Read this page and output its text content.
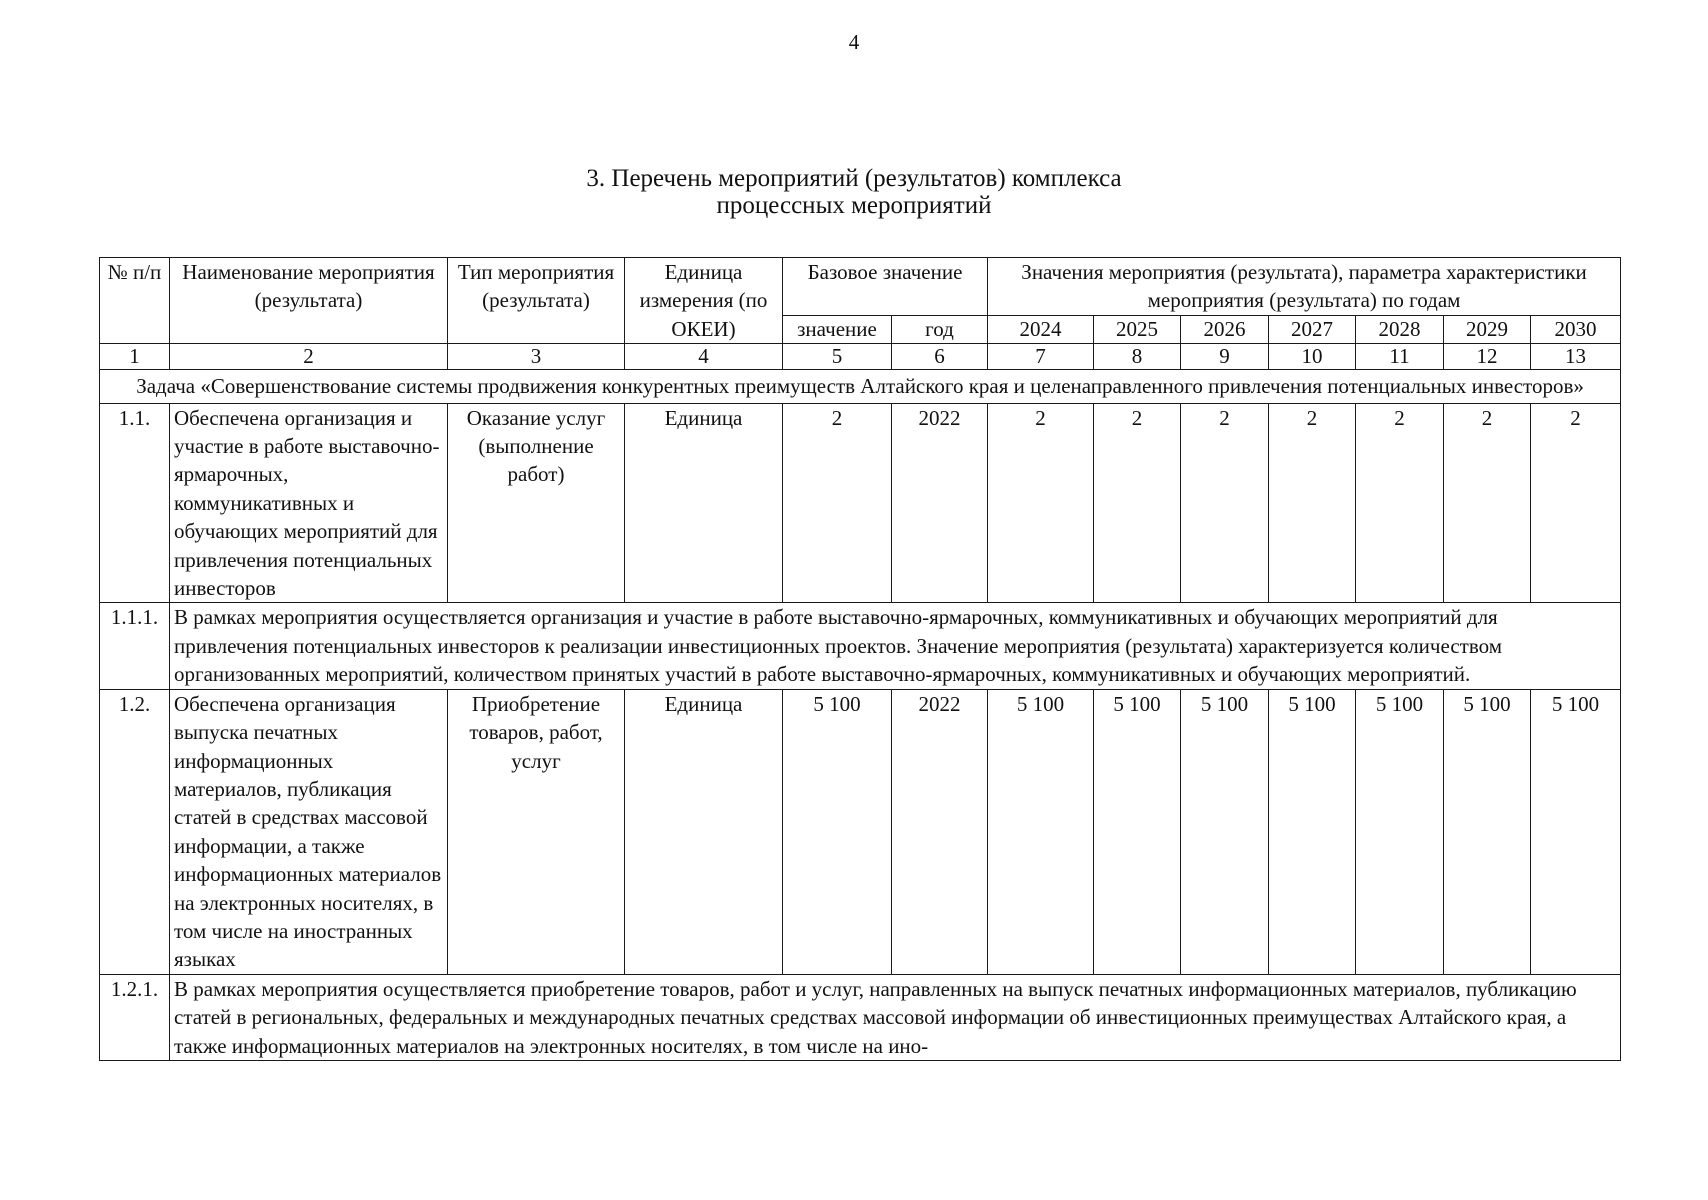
4
3. Перечень мероприятий (результатов) комплекса
процессных мероприятий
№ п/п	Наименование мероприятия (результата)	Тип мероприятия (результата)	Единица измерения (по ОКЕИ)	Базовое значение		Значения мероприятия (результата), параметра характеристики мероприятия (результата) по годам						

				значение	год	2024	2025	2026	2027	2028	2029	2030
1	2	3	4	5	6	7	8	9	10	11	12	13
Задача «Совершенствование системы продвижения конкурентных преимуществ Алтайского края и целенаправленного привлечения потенциальных инвесторов»												
1.1.	Обеспечена организация и участие в работе выставочно-ярмарочных, коммуникативных и обучающих мероприятий для привлечения потенциальных инвесторов	Оказание услуг (выполнение работ)	Единица	2	2022	2	2	2	2	2	2	2
1.1.1.	В рамках мероприятия осуществляется организация и участие в работе выставочно-ярмарочных, коммуникативных и обучающих мероприятий для привлечения потенциальных инвесторов к реализации инвестиционных проектов. Значение мероприятия (результата) характеризуется количеством организованных мероприятий, количеством принятых участий в работе выставочно-ярмарочных, коммуникативных и обучающих мероприятий.											
1.2.	Обеспечена организация выпуска печатных информационных материалов, публикация статей в средствах массовой информации, а также информационных материалов на электронных носителях, в том числе на иностранных языках	Приобретение товаров, работ, услуг	Единица	5 100	2022	5 100	5 100	5 100	5 100	5 100	5 100	5 100
1.2.1.	В рамках мероприятия осуществляется приобретение товаров, работ и услуг, направленных на выпуск печатных информационных материалов, публикацию статей в региональных, федеральных и международных печатных средствах массовой информации об инвестиционных преимуществах Алтайского края, а также информационных материалов на электронных носителях, в том числе на ино-											
